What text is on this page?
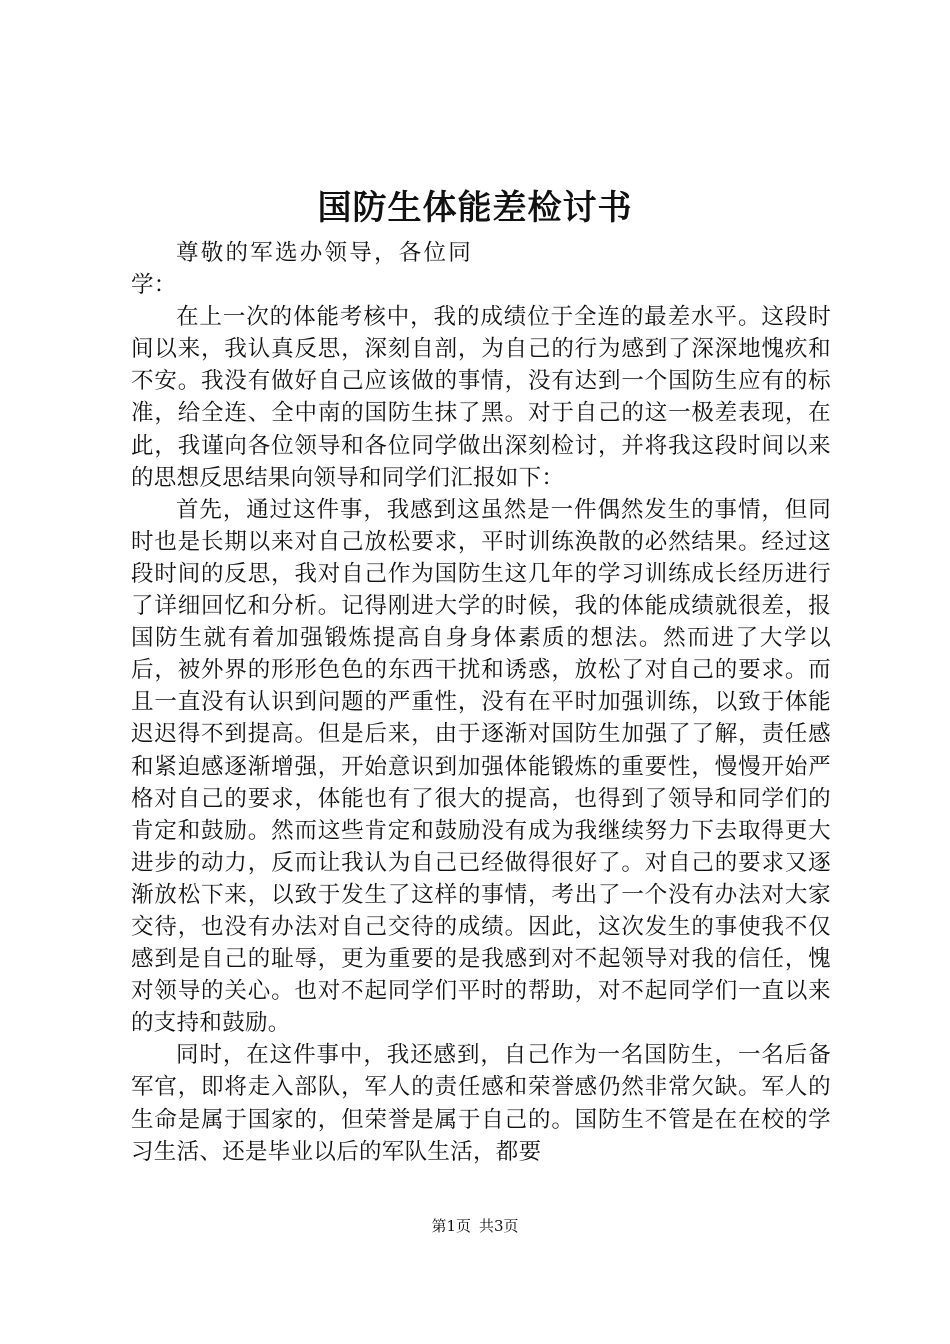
国防生体能差检讨书

尊敬的军选办领导，各位同学：

在上一次的体能考核中，我的成绩位于全连的最差水平。这段时间以来，我认真反思，深刻自剖，为自己的行为感到了深深地愧疚和不安。我没有做好自己应该做的事情，没有达到一个国防生应有的标准，给全连、全中南的国防生抹了黑。对于自己的这一极差表现，在此，我谨向各位领导和各位同学做出深刻检讨，并将我这段时间以来的思想反思结果向领导和同学们汇报如下：

首先，通过这件事，我感到这虽然是一件偶然发生的事情，但同时也是长期以来对自己放松要求，平时训练涣散的必然结果。经过这段时间的反思，我对自己作为国防生这几年的学习训练成长经历进行了详细回忆和分析。记得刚进大学的时候，我的体能成绩就很差，报国防生就有着加强锻炼提高自身身体素质的想法。然而进了大学以后，被外界的形形色色的东西干扰和诱惑，放松了对自己的要求。而且一直没有认识到问题的严重性，没有在平时加强训练，以致于体能迟迟得不到提高。但是后来，由于逐渐对国防生加强了了解，责任感和紧迫感逐渐增强，开始意识到加强体能锻炼的重要性，慢慢开始严格对自己的要求，体能也有了很大的提高，也得到了领导和同学们的肯定和鼓励。然而这些肯定和鼓励没有成为我继续努力下去取得更大进步的动力，反而让我认为自己已经做得很好了。对自己的要求又逐渐放松下来，以致于发生了这样的事情，考出了一个没有办法对大家交待，也没有办法对自己交待的成绩。因此，这次发生的事使我不仅感到是自己的耻辱，更为重要的是我感到对不起领导对我的信任，愧对领导的关心。也对不起同学们平时的帮助，对不起同学们一直以来的支持和鼓励。

同时，在这件事中，我还感到，自己作为一名国防生，一名后备军官，即将走入部队，军人的责任感和荣誉感仍然非常欠缺。军人的生命是属于国家的，但荣誉是属于自己的。国防生不管是在在校的学习生活、还是毕业以后的军队生活，都要

第1页 共3页
